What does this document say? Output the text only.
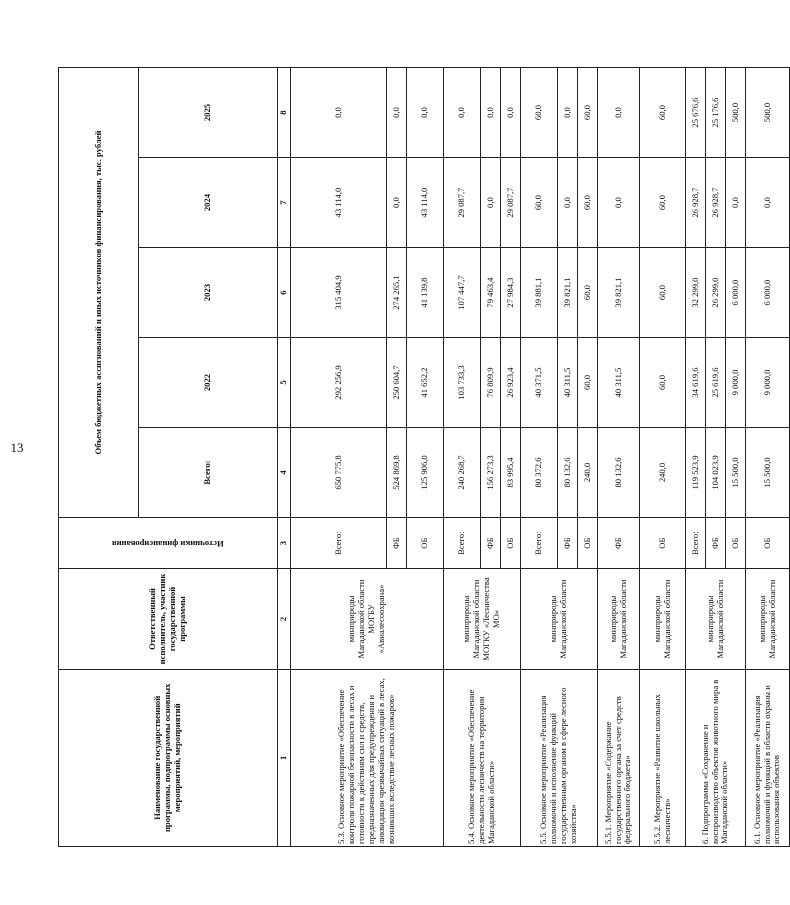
13
Наименование государственной программы, подпрограммы основных мероприятий, мероприятий	Ответственный исполнитель, участник государственной программы	Источники финансирования	Объем бюджетных ассигнований и иных источников финансирования, тыс. рублей				
			Всего:	2022	2023	2024	2025
1	2	3	4	5	6	7	8
5.3. Основное мероприятие «Обеспечение контроля пожарной безопасности в лесах и готовности к действиям сил и средств, предназначенных для предупреждения и ликвидации чрезвычайных ситуаций в лесах, возникших вследствие лесных пожаров»	минприроды Магаданской области МОГБУ «Авиалесоохрана»	Всего:	650 775,8	292 256,9	315 404,9	43 114,0	0,0
		ФБ	524 869,8	250 604,7	274 265,1	0,0	0,0
		ОБ	125 906,0	41 652,2	41 139,8	43 114,0	0,0
5.4. Основное мероприятие «Обеспечение деятельности лесничеств на территории Магаданской области»	минприроды Магаданской области МОГКУ «Лесничества МО»	Всего:	240 268,7	103 733,3	107 447,7	29 087,7	0,0
		ФБ	156 273,3	76 809,9	79 463,4	0,0	0,0
		ОБ	83 995,4	26 923,4	27 984,3	29 087,7	0,0
5.5. Основное мероприятие «Реализация полномочий и исполнение функций государственным органом в сфере лесного хозяйства»	минприроды Магаданской области	Всего:	80 372,6	40 371,5	39 881,1	60,0	60,0
		ФБ	80 132,6	40 311,5	39 821,1	0,0	0,0
		ОБ	240,0	60,0	60,0	60,0	60,0
5.5.1. Мероприятие «Содержание государственного органа за счет средств федерального бюджета»	минприроды Магаданской области	ФБ	80 132,6	40 311,5	39 821,1	0,0	0,0
5.5.2. Мероприятие «Развитие школьных лесничеств»	минприроды Магаданской области	ОБ	240,0	60,0	60,0	60,0	60,0
6. Подпрограмма «Сохранение и воспроизводство объектов животного мира в Магаданской области»	минприроды Магаданской области	Всего:	119 523,9	34 619,6	32 299,0	26 928,7	25 676,6
		ФБ	104 023,9	25 619,6	26 299,0	26 928,7	25 176,6
		ОБ	15 500,0	9 000,0	6 000,0	0,0	500,0
6.1. Основное мероприятие «Реализация полномочий и функций в области охраны и использования объектов	минприроды Магаданской области	ОБ	15 500,0	9 000,0	6 000,0	0,0	500,0
